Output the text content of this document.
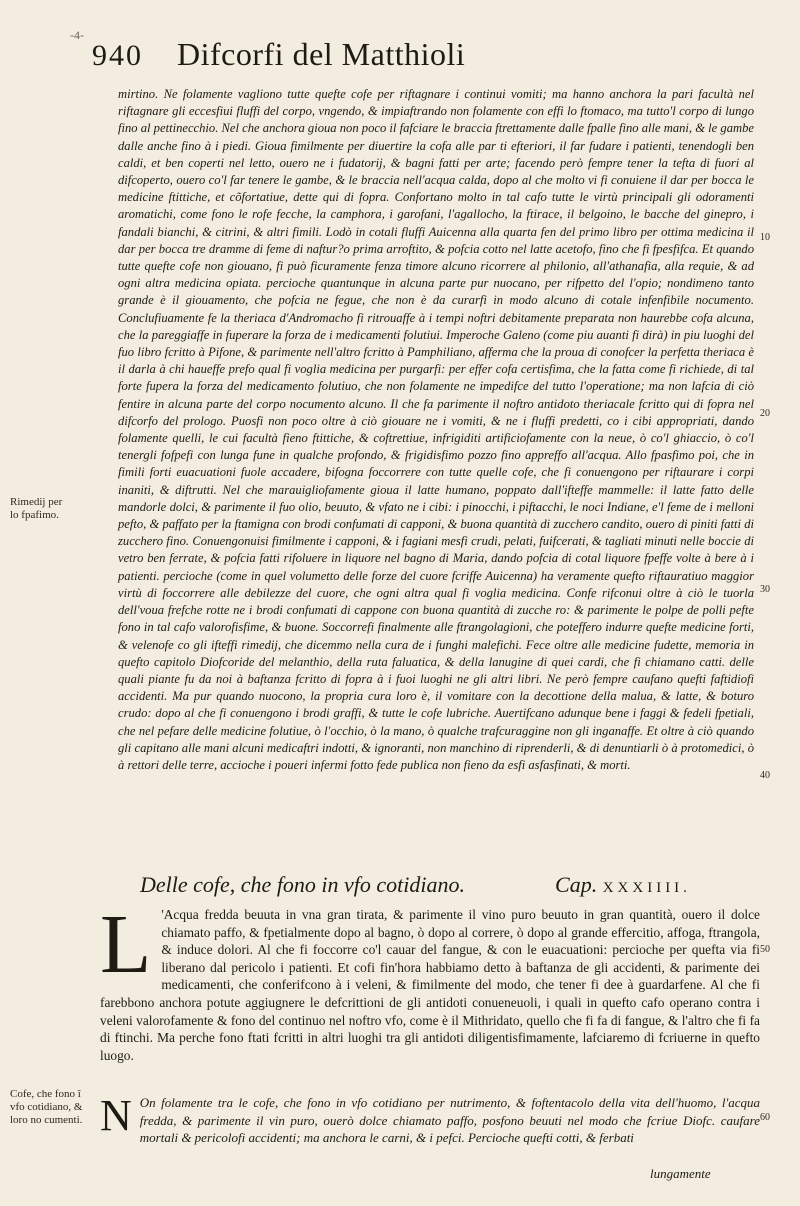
-4-
940 Difcorfi del Matthioli

mirtino. Ne folamente vagliono tutte quefte cofe per riftagnare i continui vomiti; ma hanno anchora la pari facultà nel riftagnare gli eccesfiui fluffi del corpo, vngendo, & impiaftrando non folamente con effi lo ftomaco, ma tutto'l corpo di lungo fino al pettinecchio. Nel che anchora gioua non poco il fafciare le braccia ftrettamente dalle fpalle fino alle mani, & le gambe dalle anche fino à i piedi. Gioua fimilmente per diuertire la cofa alle par ti efteriori, il far fudare i patienti, tenendogli ben caldi, et ben coperti nel letto, ouero ne i fudatorij, & bagni fatti per arte; facendo però fempre tener la tefta di fuori al difcoperto, ouero co'l far tenere le gambe, & le braccia nell'acqua calda, dopo al che molto vi fi conuiene il dar per bocca le medicine ftittiche, et cõfortatiue, dette qui di fopra. Confortano molto in tal cafo tutte le virtù principali gli odoramenti aromatichi, come fono le rofe fecche, la camphora, i garofani, l'agallocho, la ftirace, il belgoino, le bacche del ginepro, i fandali bianchi, & citrini, & altri fimili. Lodò in cotali fluffi Auicenna alla quarta fen del primo libro per ottima medicina il dar per bocca tre dramme di feme di naftur?o prima arroftito, & pofcia cotto nel latte acetofo, fino che fi fpesfifca. Et quando tutte quefte cofe non giouano, fi può ficuramente fenza timore alcuno ricorrere al philonio, all'athanafia, alla requie, & ad ogni altra medicina opiata. percioche quantunque in alcuna parte pur nuocano, per rifpetto del l'opio; nondimeno tanto grande è il giouamento, che pofcia ne fegue, che non è da curarfi in modo alcuno di cotale infenfibile nocumento. Conclufiuamente fe la theriaca d'Andromacho fi ritrouaffe à i tempi noftri debitamente preparata non haurebbe cofa alcuna, che la pareggiaffe in fuperare la forza de i medicamenti folutiui. Imperoche Galeno (come piu auanti fi dirà) in piu luoghi del fuo libro fcritto à Pifone, & parimente nell'altro fcritto à Pamphiliano, afferma che la proua di conofcer la perfetta theriaca è il darla à chi haueffe prefo qual fi voglia medicina per purgarfi: per effer cofa certisfima, che la fatta come fi richiede, di tal forte fupera la forza del medicamento folutiuo, che non folamente ne impedifce del tutto l'operatione; ma non lafcia di ciò fentire in alcuna parte del corpo nocumento alcuno. Il che fa parimente il noftro antidoto theriacale fcritto qui di fopra nel difcorfo del prologo. Puosfi non poco oltre à ciò giouare ne i vomiti, & ne i fluffi predetti, co i cibi appropriati, dando folamente quelli, le cui facultà fieno ftittiche, & coftrettiue, infrigiditi artificiofamente con la neue, ò co'l ghiaccio, ò co'l tenergli fofpefi con lunga fune in qualche profondo, & frigidisfimo pozzo fino appreffo all'acqua. Allo fpasfimo poi, che in fimili forti euacuationi fuole accadere, bifogna foccorrere con tutte quelle cofe, che fi conuengono per riftaurare i corpi inaniti, & diftrutti. Nel che marauigliofamente gioua il latte humano, poppato dall'ifteffe mammelle: il latte fatto delle mandorle dolci, & parimente il fuo olio, beuuto, & vfato ne i cibi: i pinocchi, i piftacchi, le noci Indiane, e'l feme de i melloni pefto, & paffato per la ftamigna con brodi confumati di capponi, & buona quantità di zucchero candito, ouero di piniti fatti di zucchero fino. Conuengonuisi fimilmente i capponi, & i fagiani mesfi crudi, pelati, fuifcerati, & tagliati minuti nelle boccie di vetro ben ferrate, & pofcia fatti rifoluere in liquore nel bagno di Maria, dando pofcia di cotal liquore fpeffe volte à bere à i patienti. percioche (come in quel volumetto delle forze del cuore fcriffe Auicenna) ha veramente quefto riftauratiuo maggior virtù di foccorrere alle debilezze del cuore, che ogni altra qual fi voglia medicina. Confe rifconui oltre à ciò le tuorla dell'voua frefche rotte ne i brodi confumati di cappone con buona quantità di zucche ro: & parimente le polpe de polli pefte fono in tal cafo valorofisfime, & buone. Soccorrefi finalmente alle ftrangolagioni, che poteffero indurre quefte medicine forti, & velenofe co gli ifteffi rimedij, che dicemmo nella cura de i funghi malefichi. Fece oltre alle medicine fudette, memoria in quefto capitolo Diofcoride del melanthio, della ruta faluatica, & della lanugine di quei cardi, che fi chiamano catti. delle quali piante fu da noi à baftanza fcritto di fopra à i fuoi luoghi ne gli altri libri. Ne però fempre caufano quefti faftidiofi accidenti. Ma pur quando nuocono, la propria cura loro è, il vomitare con la decottione della malua, & latte, & boturo crudo: dopo al che fi conuengono i brodi graffi, & tutte le cofe lubriche. Auertifcano adunque bene i faggi & fedeli fpetiali, che nel pefare delle medicine folutiue, ò l'occhio, ò la mano, ò qualche trafcuraggine non gli inganaffe. Et oltre à ciò quando gli capitano alle mani alcuni medicaftri indotti, & ignoranti, non manchino di riprenderli, & di denuntiarli ò à protomedici, ò à rettori delle terre, accioche i poueri infermi fotto fede publica non fieno da esfi asfasfinati, & morti.

10
20
30
40
50
60
Rimedij per lo fpafimo.
Cofe, che fono î vfo cotidiano, & loro no cumenti.
Delle cofe, che fono in vfo cotidiano.	Cap. XXXIIII.
L 'Acqua fredda beuuta in vna gran tirata, & parimente il vino puro beuuto in gran quantità, ouero il dolce chiamato paffo, & fpetialmente dopo al bagno, ò dopo al correre, ò dopo al grande effercitio, affoga, ftrangola, & induce dolori. Al che fi foccorre co'l cauar del fangue, & con le euacuationi: percioche per quefta via fi liberano dal pericolo i patienti. Et cofi fin'hora habbiamo detto à baftanza de gli accidenti, & parimente dei medicamenti, che conferifcono à i veleni, & fimilmente del modo, che tener fi dee à guardarfene. Al che fi farebbono anchora potute aggiugnere le defcrittioni de gli antidoti conueneuoli, i quali in quefto cafo operano contra i veleni valorofamente & fono del continuo nel noftro vfo, come è il Mithridato, quello che fi fa di fangue, & l'altro che fi fa di ftinchi. Ma perche fono ftati fcritti in altri luoghi tra gli antidoti diligentisfimamente, lafciaremo di fcriuerne in quefto luogo.

N On folamente tra le cofe, che fono in vfo cotidiano per nutrimento, & foftentacolo della vita dell'huomo, l'acqua fredda, & parimente il vin puro, ouerò dolce chiamato paffo, posfono beuuti nel modo che fcriue Diofc. caufare mortali & pericolofi accidenti; ma anchora le carni, & i pefci. Percioche quefti cotti, & ferbati

lungamente
